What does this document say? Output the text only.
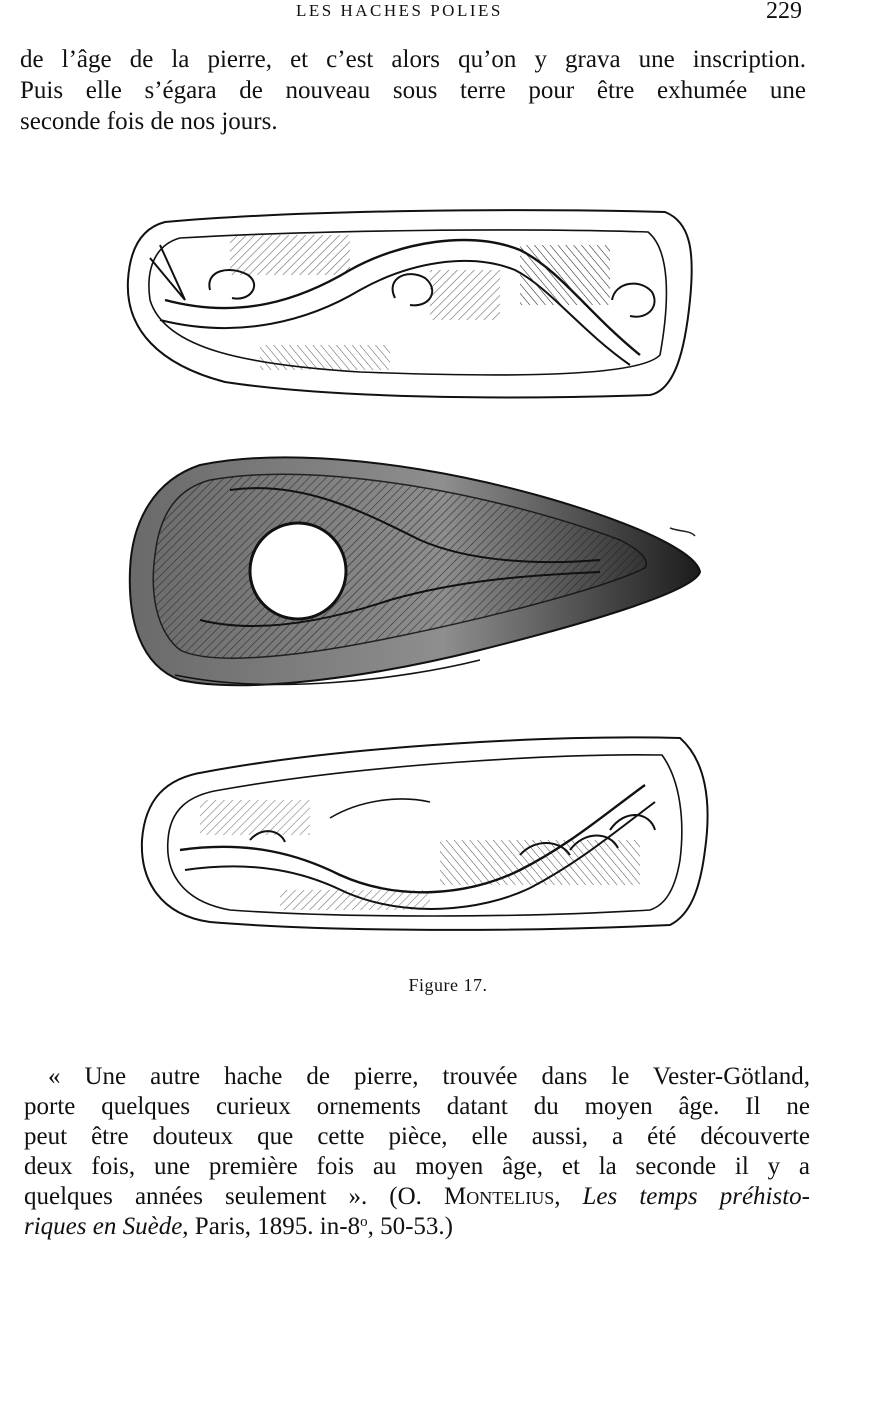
LES HACHES POLIES	229

de l’âge de la pierre, et c’est alors qu’on y grava une inscription.
Puis elle s’égara de nouveau sous terre pour être exhumée une
seconde fois de nos jours.

Figure 17.

« Une autre hache de pierre, trouvée dans le Vester-Götland,
porte quelques curieux ornements datant du moyen âge. Il ne
peut être douteux que cette pièce, elle aussi, a été découverte
deux fois, une première fois au moyen âge, et la seconde il y a
quelques années seulement ». (O. Montelius, Les temps préhisto-
riques en Suède, Paris, 1895. in-8$^o$, 50-53.)
